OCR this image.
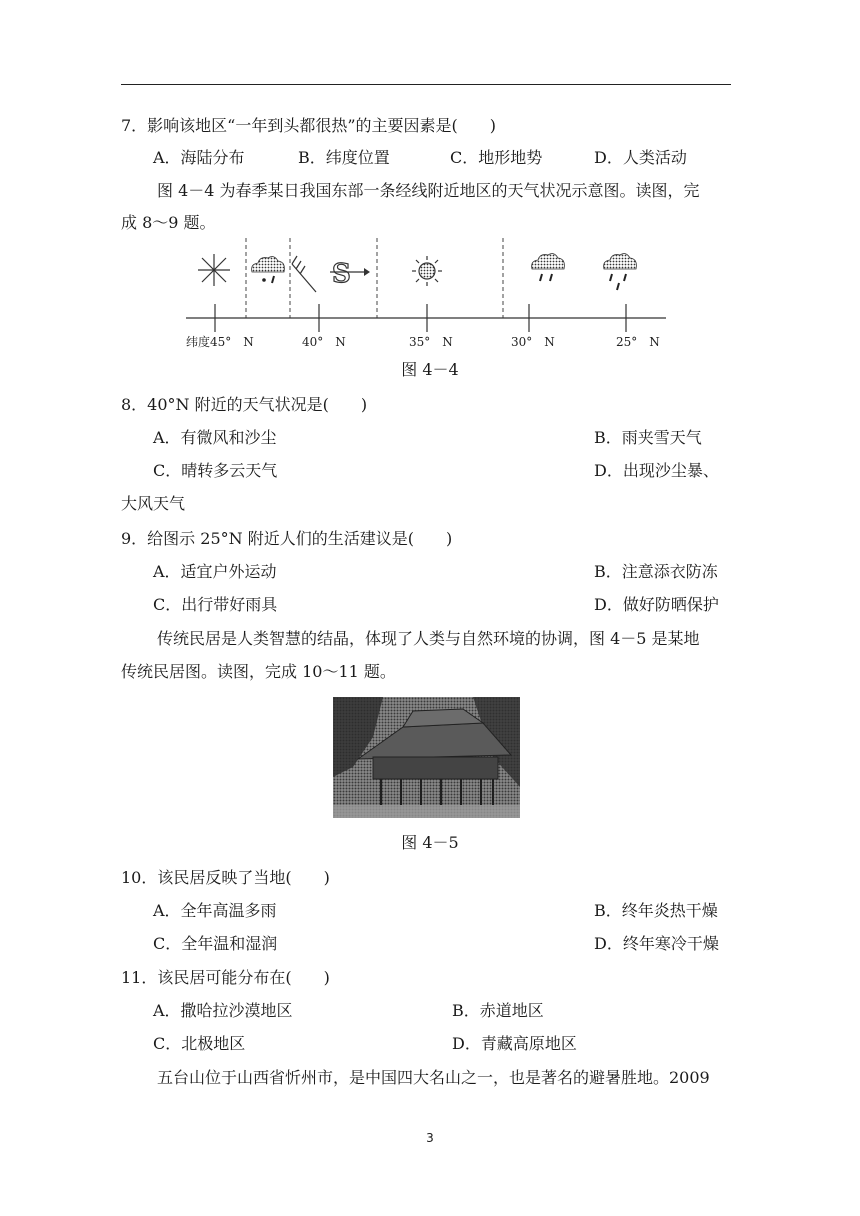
7．影响该地区“一年到头都很热”的主要因素是(　　)
A．海陆分布	B．纬度位置	C．地形地势	D．人类活动
图 4－4 为春季某日我国东部一条经线附近地区的天气状况示意图。读图，完
成 8～9 题。
纬度45°　N	40°　N	35°　N	30°　N	25°　N
S
图 4－4
8．40°N 附近的天气状况是(　　)
A．有微风和沙尘	B．雨夹雪天气
C．晴转多云天气	D．出现沙尘暴、
大风天气
9．给图示 25°N 附近人们的生活建议是(　　)
A．适宜户外运动	B．注意添衣防冻
C．出行带好雨具	D．做好防晒保护
传统民居是人类智慧的结晶，体现了人类与自然环境的协调，图 4－5 是某地
传统民居图。读图，完成 10～11 题。
图 4－5
10．该民居反映了当地(　　)
A．全年高温多雨	B．终年炎热干燥
C．全年温和湿润	D．终年寒冷干燥
11．该民居可能分布在(　　)
A．撒哈拉沙漠地区	B．赤道地区
C．北极地区	D．青藏高原地区
五台山位于山西省忻州市，是中国四大名山之一，也是著名的避暑胜地。2009
3
